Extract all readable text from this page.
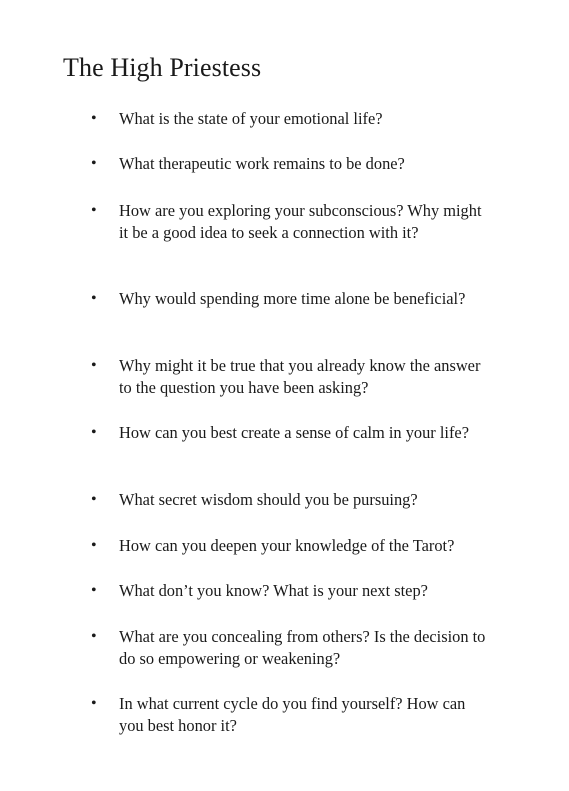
The High Priestess
•	What is the state of your emotional life?
•	What therapeutic work remains to be done?
•	How are you exploring your subconscious? Why might it be a good idea to seek a connection with it?
•	Why would spending more time alone be beneficial?
•	Why might it be true that you already know the answer to the question you have been asking?
•	How can you best create a sense of calm in your life?
•	What secret wisdom should you be pursuing?
•	How can you deepen your knowledge of the Tarot?
•	What don’t you know? What is your next step?
•	What are you concealing from others? Is the decision to do so empowering or weakening?
•	In what current cycle do you find yourself? How can you best honor it?
